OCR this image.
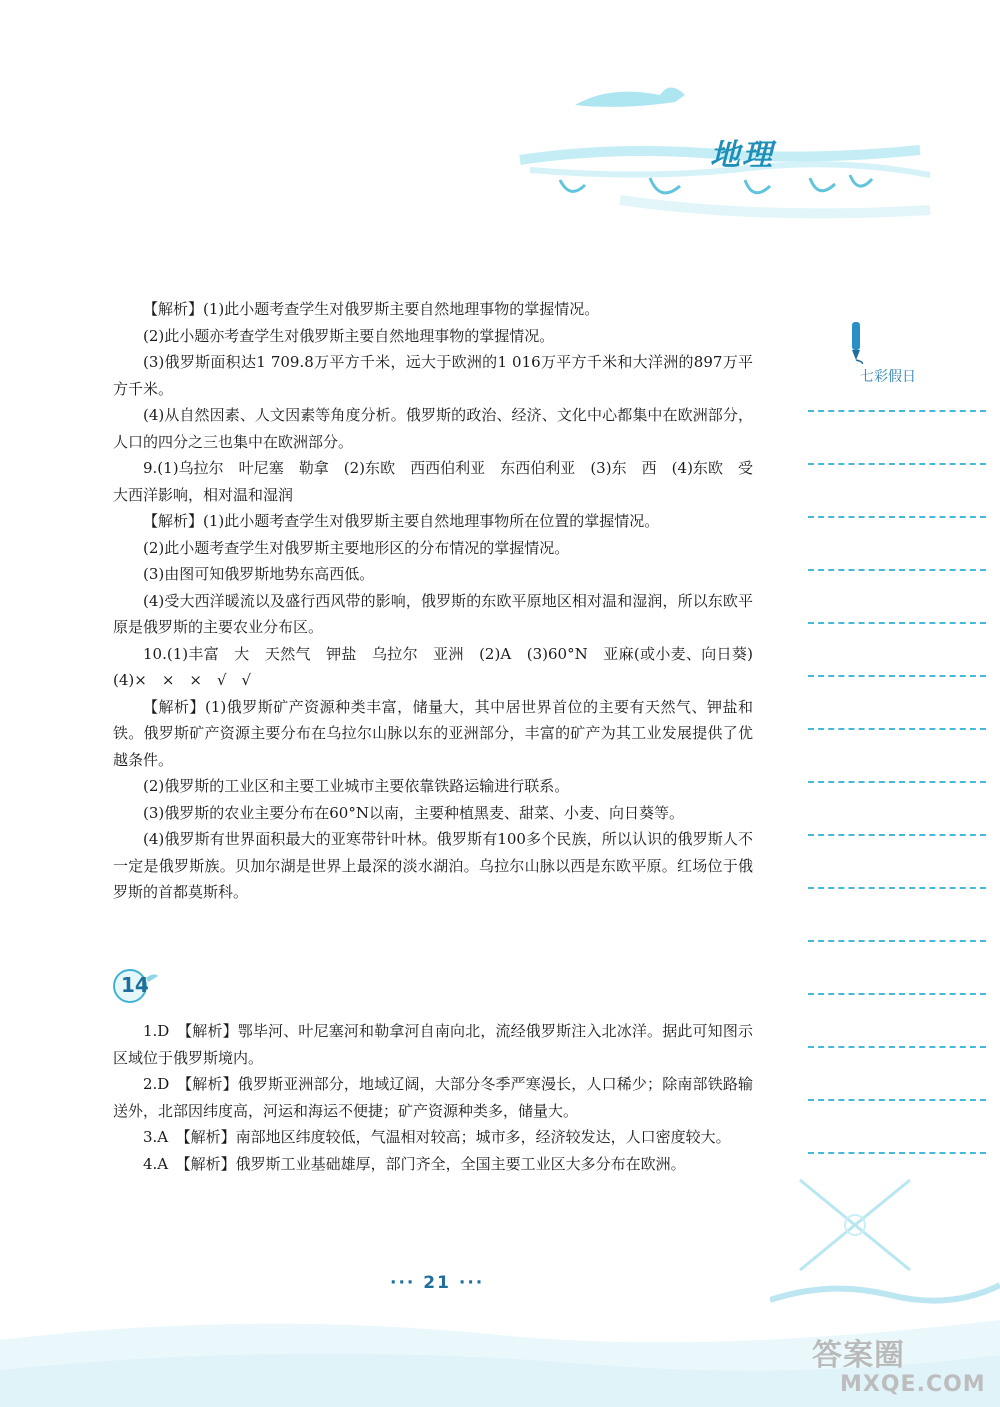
地理
七彩假日

【解析】(1)此小题考查学生对俄罗斯主要自然地理事物的掌握情况。

(2)此小题亦考查学生对俄罗斯主要自然地理事物的掌握情况。

(3)俄罗斯面积达1 709.8万平方千米，远大于欧洲的1 016万平方千米和大洋洲的897万平方千米。

(4)从自然因素、人文因素等角度分析。俄罗斯的政治、经济、文化中心都集中在欧洲部分，人口的四分之三也集中在欧洲部分。

9.(1)乌拉尔　叶尼塞　勒拿　(2)东欧　西西伯利亚　东西伯利亚　(3)东　西　(4)东欧　受大西洋影响，相对温和湿润

【解析】(1)此小题考查学生对俄罗斯主要自然地理事物所在位置的掌握情况。

(2)此小题考查学生对俄罗斯主要地形区的分布情况的掌握情况。

(3)由图可知俄罗斯地势东高西低。

(4)受大西洋暖流以及盛行西风带的影响，俄罗斯的东欧平原地区相对温和湿润，所以东欧平原是俄罗斯的主要农业分布区。

10.(1)丰富　大　天然气　钾盐　乌拉尔　亚洲　(2)A　(3)60°N　亚麻(或小麦、向日葵)　(4)×　×　×　√　√

【解析】(1)俄罗斯矿产资源种类丰富，储量大，其中居世界首位的主要有天然气、钾盐和铁。俄罗斯矿产资源主要分布在乌拉尔山脉以东的亚洲部分，丰富的矿产为其工业发展提供了优越条件。

(2)俄罗斯的工业区和主要工业城市主要依靠铁路运输进行联系。

(3)俄罗斯的农业主要分布在60°N以南，主要种植黑麦、甜菜、小麦、向日葵等。

(4)俄罗斯有世界面积最大的亚寒带针叶林。俄罗斯有100多个民族，所以认识的俄罗斯人不一定是俄罗斯族。贝加尔湖是世界上最深的淡水湖泊。乌拉尔山脉以西是东欧平原。红场位于俄罗斯的首都莫斯科。

14

1.D　【解析】鄂毕河、叶尼塞河和勒拿河自南向北，流经俄罗斯注入北冰洋。据此可知图示区域位于俄罗斯境内。

2.D　【解析】俄罗斯亚洲部分，地域辽阔，大部分冬季严寒漫长，人口稀少；除南部铁路输送外，北部因纬度高，河运和海运不便捷；矿产资源种类多，储量大。

3.A　【解析】南部地区纬度较低，气温相对较高；城市多，经济较发达，人口密度较大。

4.A　【解析】俄罗斯工业基础雄厚，部门齐全，全国主要工业区大多分布在欧洲。

··· 21 ···
答案圈
MXQE.COM
